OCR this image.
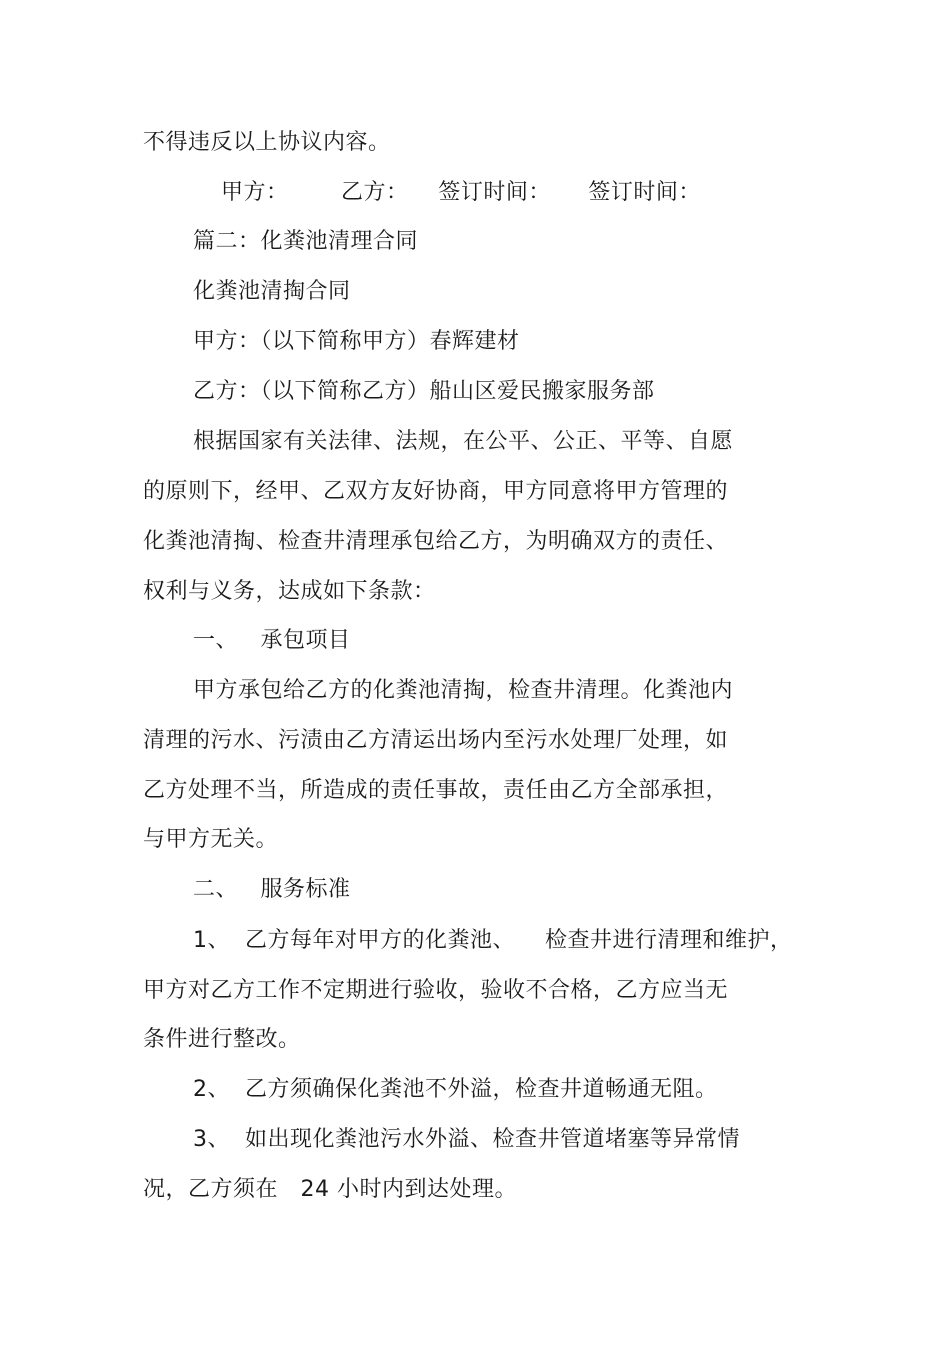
不得违反以上协议内容。
甲方：       乙方：    签订时间：     签订时间：
篇二：化粪池清理合同
化粪池清掏合同
甲方：（以下简称甲方）春辉建材
乙方：（以下简称乙方）船山区爱民搬家服务部
根据国家有关法律、法规，在公平、公正、平等、自愿
的原则下，经甲、乙双方友好协商，甲方同意将甲方管理的
化粪池清掏、检查井清理承包给乙方，为明确双方的责任、
权利与义务，达成如下条款：
一、   承包项目
甲方承包给乙方的化粪池清掏，检查井清理。化粪池内
清理的污水、污渍由乙方清运出场内至污水处理厂处理，如
乙方处理不当，所造成的责任事故，责任由乙方全部承担，
与甲方无关。
二、   服务标准
1、  乙方每年对甲方的化粪池、    检查井进行清理和维护，
甲方对乙方工作不定期进行验收，验收不合格，乙方应当无
条件进行整改。
2、  乙方须确保化粪池不外溢，检查井道畅通无阻。
3、  如出现化粪池污水外溢、检查井管道堵塞等异常情
况，乙方须在   24 小时内到达处理。
